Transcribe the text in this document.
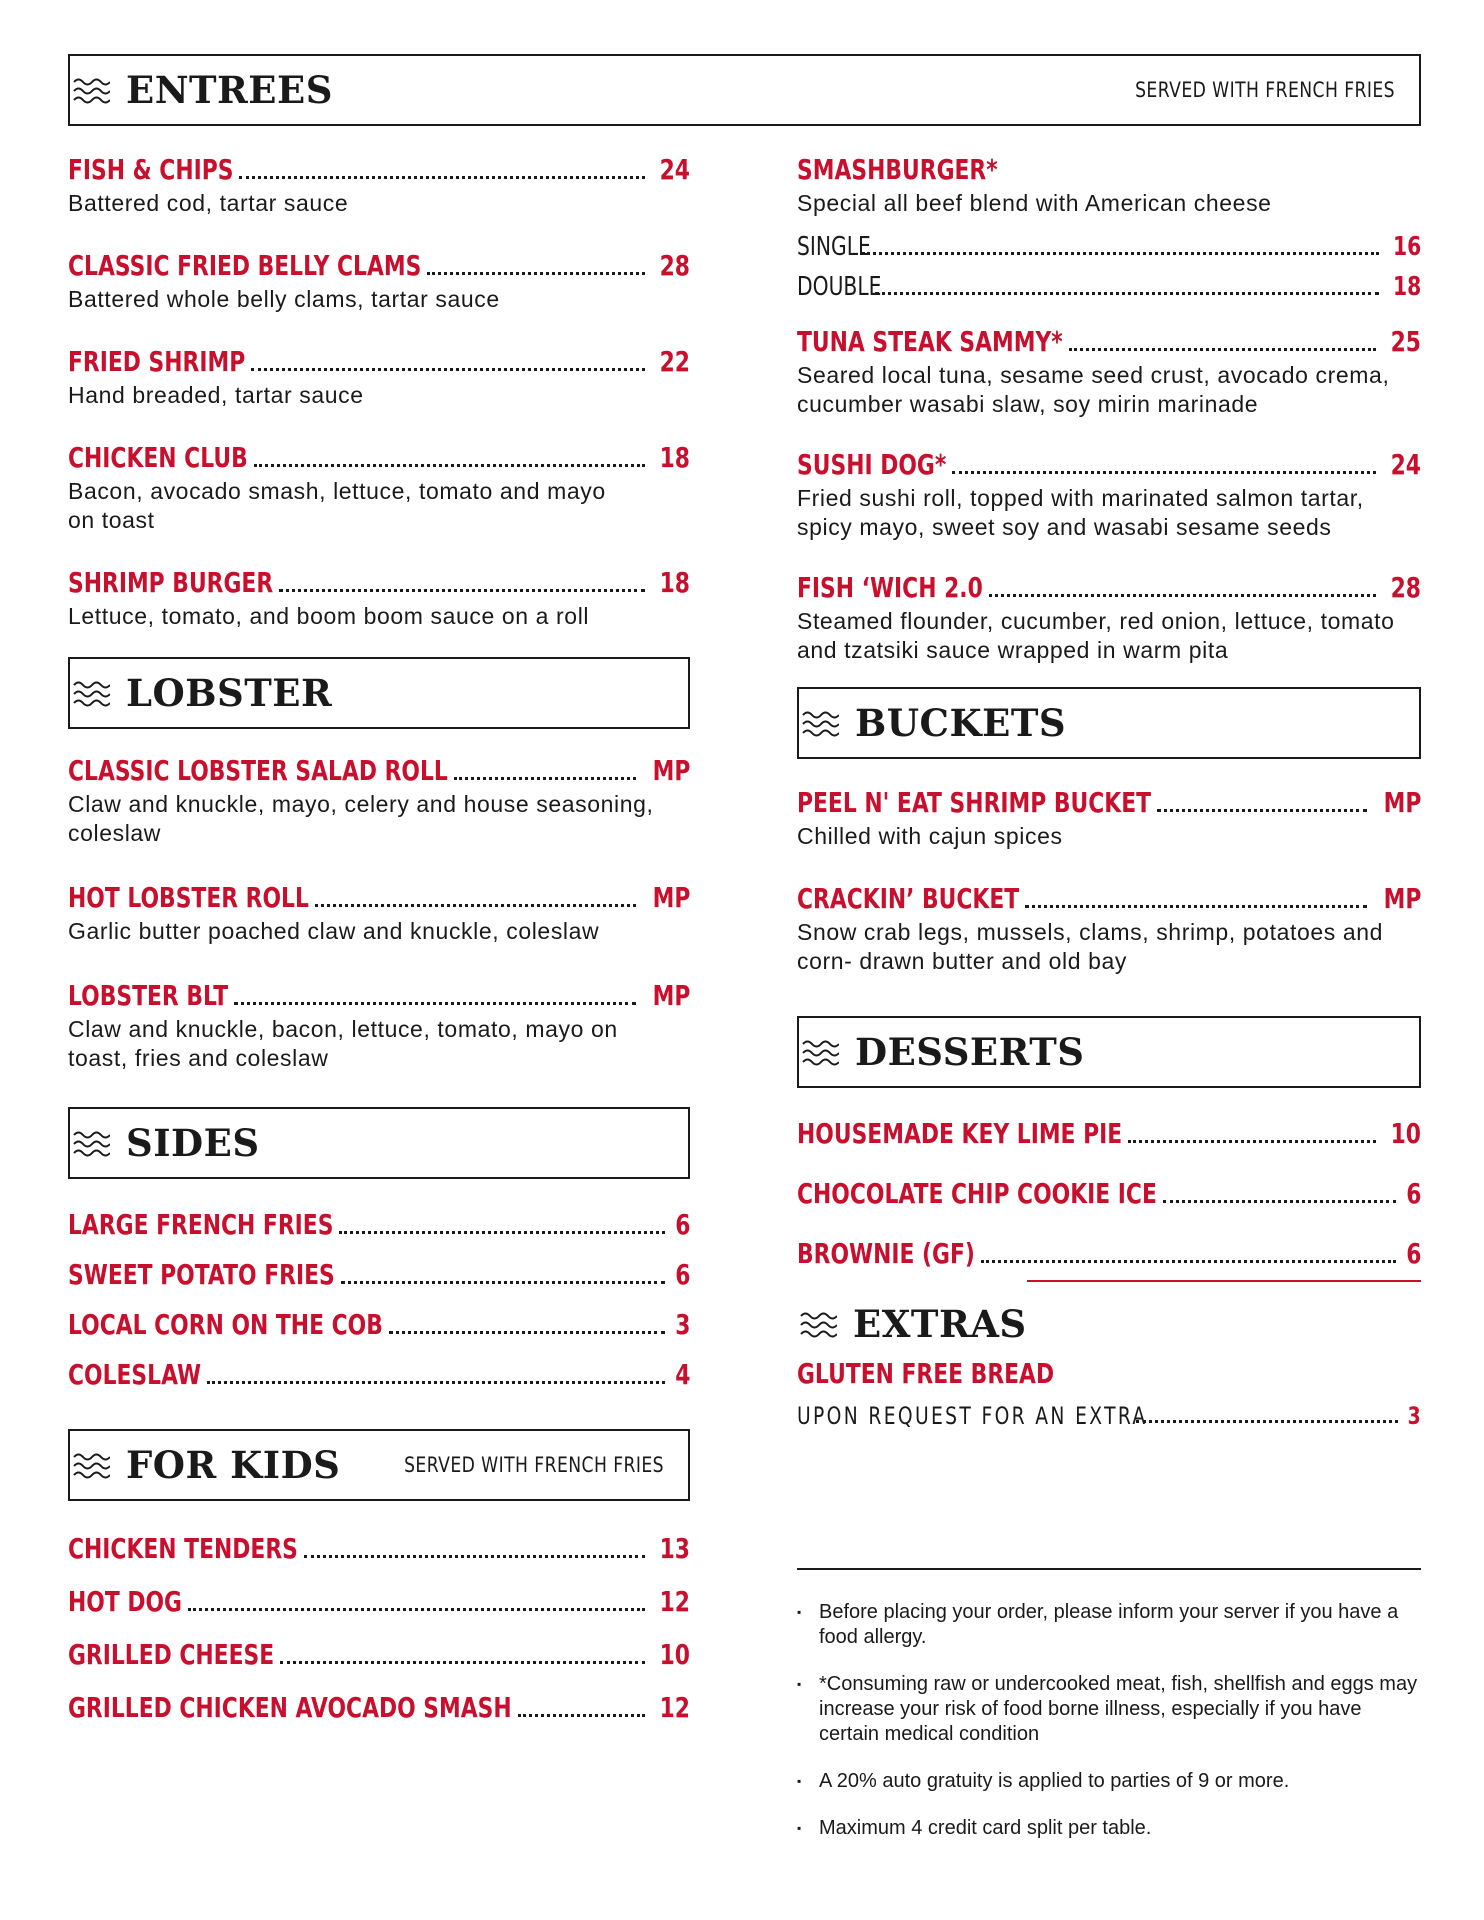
ENTREES	SERVED WITH FRENCH FRIES
FISH & CHIPS	24
Battered cod, tartar sauce
CLASSIC FRIED BELLY CLAMS	28
Battered whole belly clams, tartar sauce
FRIED SHRIMP	22
Hand breaded, tartar sauce
CHICKEN CLUB	18
Bacon, avocado smash, lettuce, tomato and mayo on toast
SHRIMP BURGER	18
Lettuce, tomato, and boom boom sauce on a roll
LOBSTER
CLASSIC LOBSTER SALAD ROLL	MP
Claw and knuckle, mayo, celery and house seasoning, coleslaw
HOT LOBSTER ROLL	MP
Garlic butter poached claw and knuckle, coleslaw
LOBSTER BLT	MP
Claw and knuckle, bacon, lettuce, tomato, mayo on toast, fries and coleslaw
SIDES
LARGE FRENCH FRIES	6
SWEET POTATO FRIES	6
LOCAL CORN ON THE COB	3
COLESLAW	4
FOR KIDS	SERVED WITH FRENCH FRIES
CHICKEN TENDERS	13
HOT DOG	12
GRILLED CHEESE	10
GRILLED CHICKEN AVOCADO SMASH	12
SMASHBURGER*
Special all beef blend with American cheese
SINGLE	16
DOUBLE	18
TUNA STEAK SAMMY*	25
Seared local tuna, sesame seed crust, avocado crema, cucumber wasabi slaw, soy mirin marinade
SUSHI DOG*	24
Fried sushi roll, topped with marinated salmon tartar, spicy mayo, sweet soy and wasabi sesame seeds
FISH ‘WICH 2.0	28
Steamed flounder, cucumber, red onion, lettuce, tomato and tzatsiki sauce wrapped in warm pita
BUCKETS
PEEL N' EAT SHRIMP BUCKET	MP
Chilled with cajun spices
CRACKIN’ BUCKET	MP
Snow crab legs, mussels, clams, shrimp, potatoes and corn- drawn butter and old bay
DESSERTS
HOUSEMADE KEY LIME PIE	10
CHOCOLATE CHIP COOKIE ICE	6
BROWNIE (GF)	6
EXTRAS
GLUTEN FREE BREAD
UPON REQUEST FOR AN EXTRA	3
▪ Before placing your order, please inform your server if you have a food allergy.
▪ *Consuming raw or undercooked meat, fish, shellfish and eggs may increase your risk of food borne illness, especially if you have certain medical condition
▪ A 20% auto gratuity is applied to parties of 9 or more.
▪ Maximum 4 credit card split per table.
